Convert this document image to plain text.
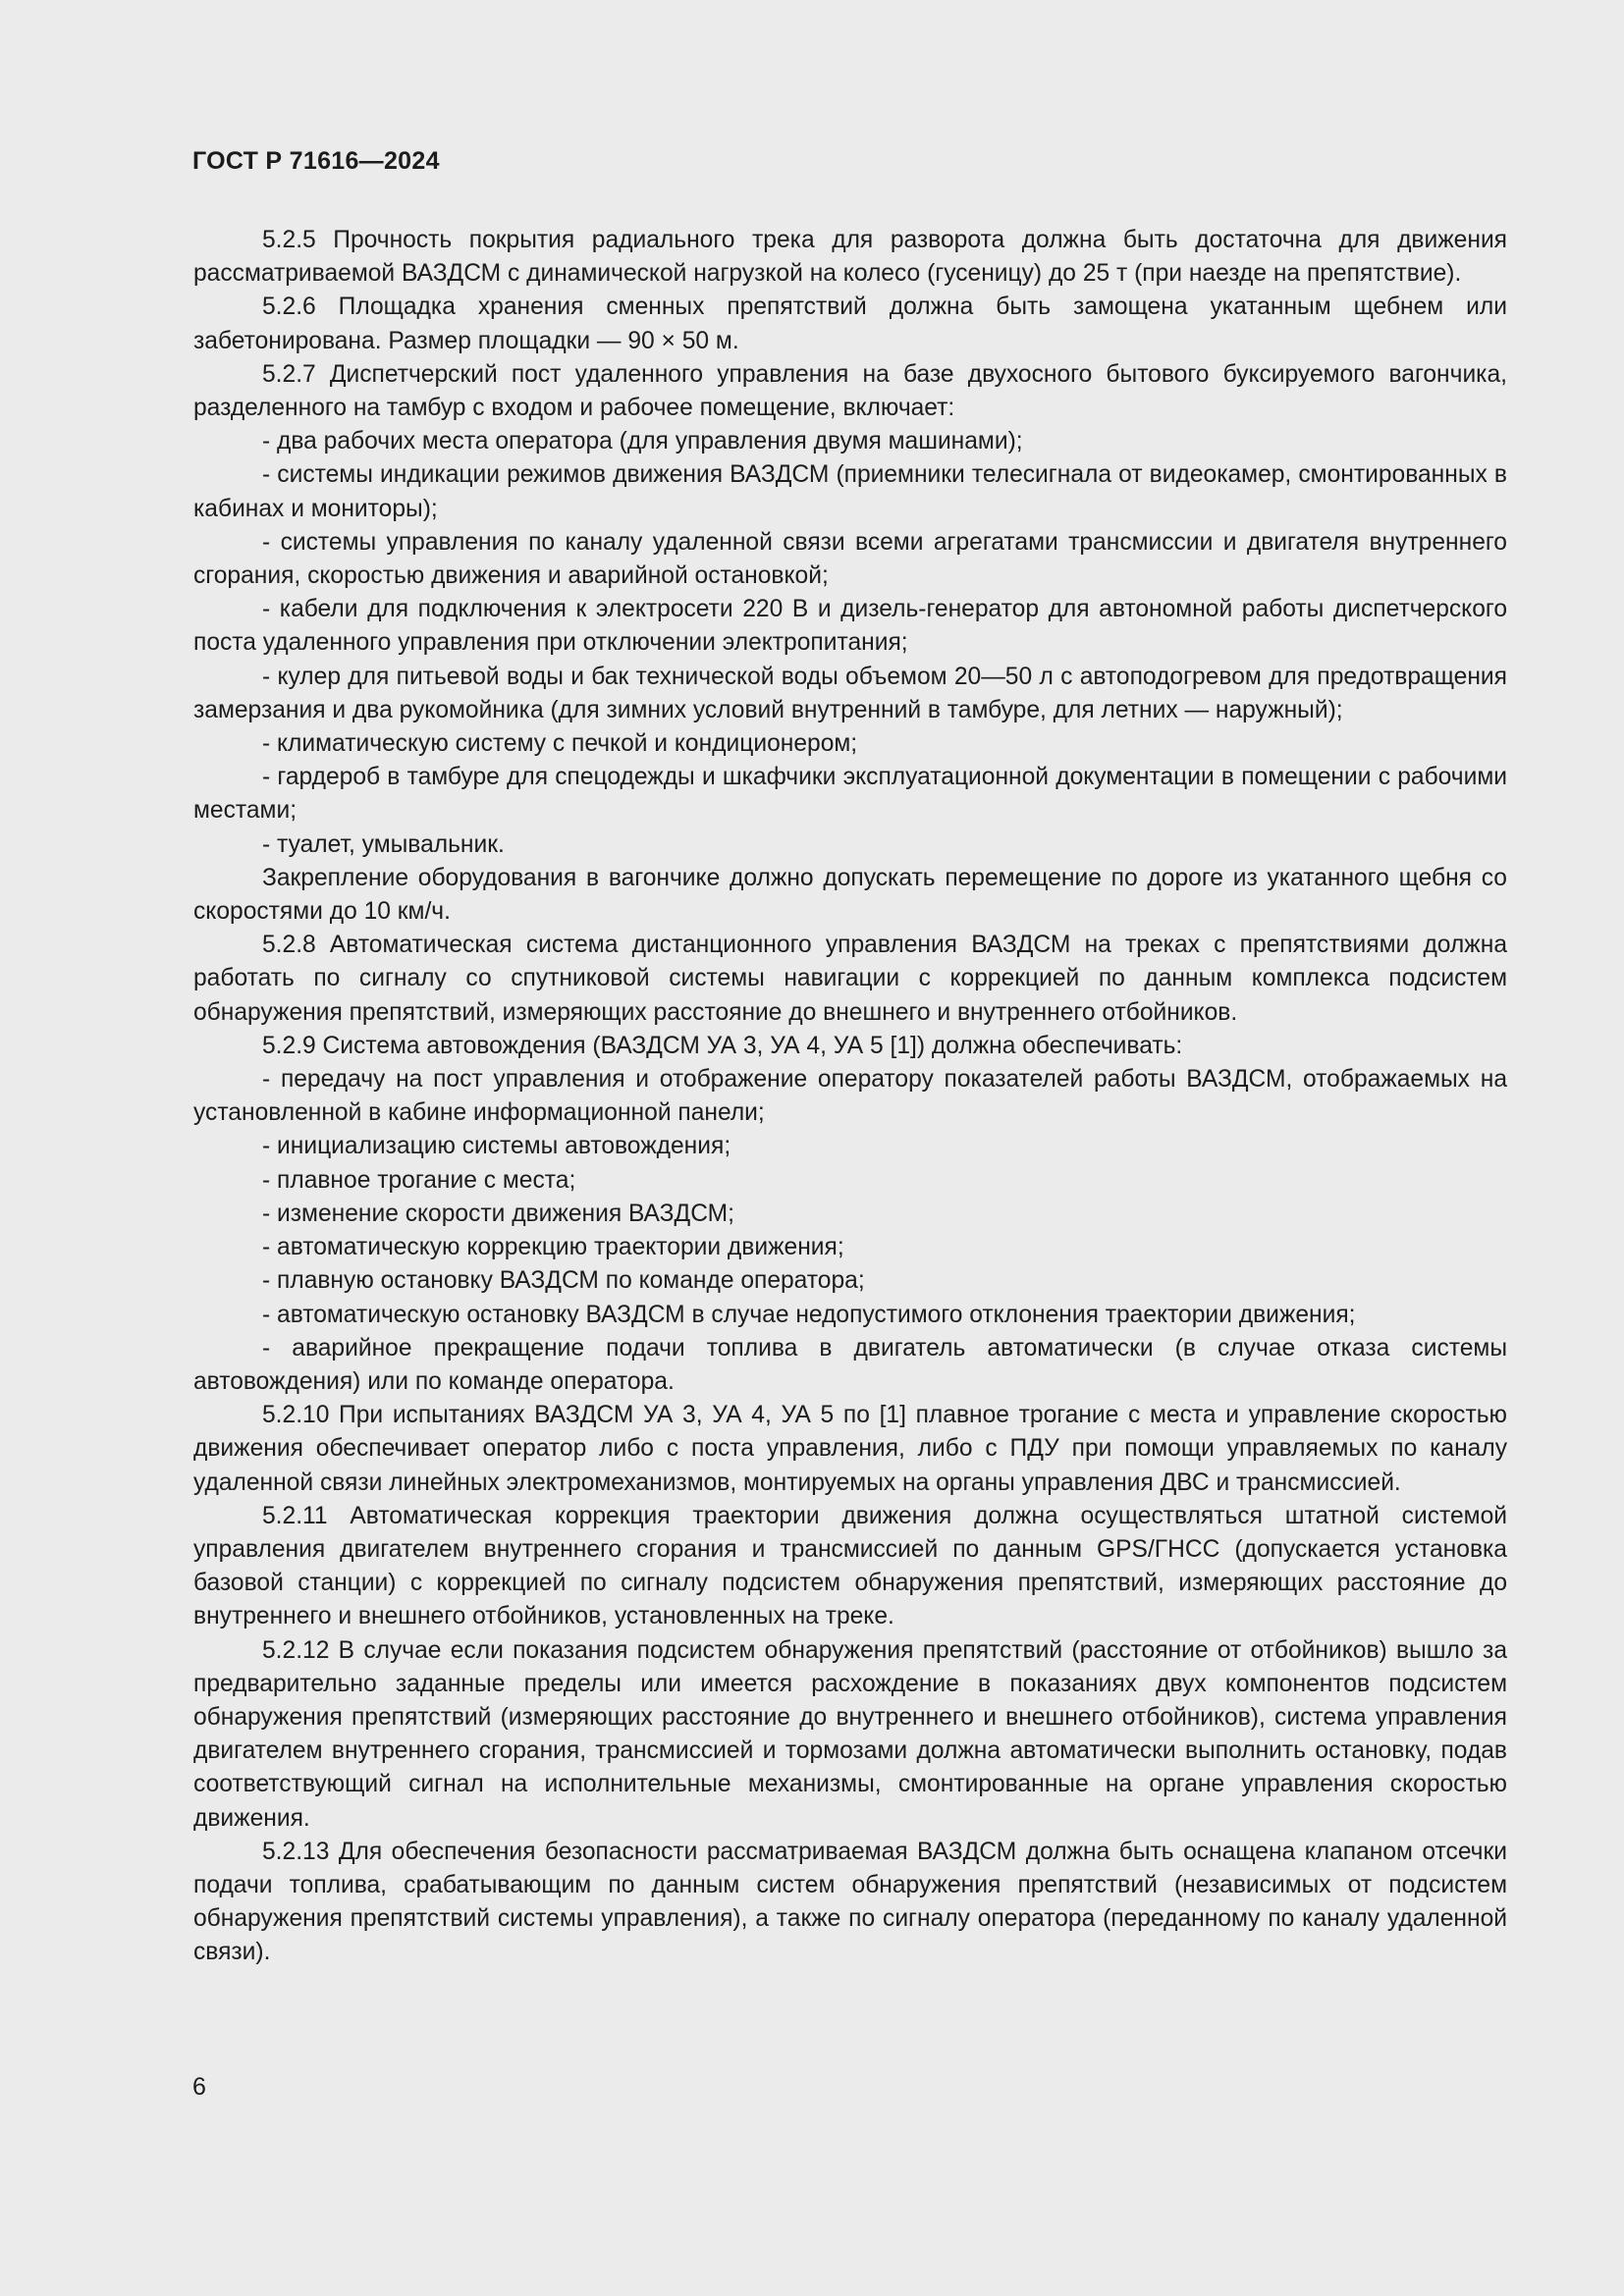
ГОСТ Р 71616—2024

5.2.5 Прочность покрытия радиального трека для разворота должна быть достаточна для движения рассматриваемой ВАЗДСМ с динамической нагрузкой на колесо (гусеницу) до 25 т (при наезде на препятствие).

5.2.6 Площадка хранения сменных препятствий должна быть замощена укатанным щебнем или забетонирована. Размер площадки — 90 × 50 м.

5.2.7 Диспетчерский пост удаленного управления на базе двухосного бытового буксируемого вагончика, разделенного на тамбур с входом и рабочее помещение, включает:

- два рабочих места оператора (для управления двумя машинами);

- системы индикации режимов движения ВАЗДСМ (приемники телесигнала от видеокамер, смонтированных в кабинах и мониторы);

- системы управления по каналу удаленной связи всеми агрегатами трансмиссии и двигателя внутреннего сгорания, скоростью движения и аварийной остановкой;

- кабели для подключения к электросети 220 В и дизель-генератор для автономной работы диспетчерского поста удаленного управления при отключении электропитания;

- кулер для питьевой воды и бак технической воды объемом 20—50 л с автоподогревом для предотвращения замерзания и два рукомойника (для зимних условий внутренний в тамбуре, для летних — наружный);

- климатическую систему с печкой и кондиционером;

- гардероб в тамбуре для спецодежды и шкафчики эксплуатационной документации в помещении с рабочими местами;

- туалет, умывальник.

Закрепление оборудования в вагончике должно допускать перемещение по дороге из укатанного щебня со скоростями до 10 км/ч.

5.2.8 Автоматическая система дистанционного управления ВАЗДСМ на треках с препятствиями должна работать по сигналу со спутниковой системы навигации с коррекцией по данным комплекса подсистем обнаружения препятствий, измеряющих расстояние до внешнего и внутреннего отбойников.

5.2.9 Система автовождения (ВАЗДСМ УА 3, УА 4, УА 5 [1]) должна обеспечивать:

- передачу на пост управления и отображение оператору показателей работы ВАЗДСМ, отображаемых на установленной в кабине информационной панели;

- инициализацию системы автовождения;

- плавное трогание с места;

- изменение скорости движения ВАЗДСМ;

- автоматическую коррекцию траектории движения;

- плавную остановку ВАЗДСМ по команде оператора;

- автоматическую остановку ВАЗДСМ в случае недопустимого отклонения траектории движения;

- аварийное прекращение подачи топлива в двигатель автоматически (в случае отказа системы автовождения) или по команде оператора.

5.2.10 При испытаниях ВАЗДСМ УА 3, УА 4, УА 5 по [1] плавное трогание с места и управление скоростью движения обеспечивает оператор либо с поста управления, либо с ПДУ при помощи управляемых по каналу удаленной связи линейных электромеханизмов, монтируемых на органы управления ДВС и трансмиссией.

5.2.11 Автоматическая коррекция траектории движения должна осуществляться штатной системой управления двигателем внутреннего сгорания и трансмиссией по данным GPS/ГНСС (допускается установка базовой станции) с коррекцией по сигналу подсистем обнаружения препятствий, измеряющих расстояние до внутреннего и внешнего отбойников, установленных на треке.

5.2.12 В случае если показания подсистем обнаружения препятствий (расстояние от отбойников) вышло за предварительно заданные пределы или имеется расхождение в показаниях двух компонентов подсистем обнаружения препятствий (измеряющих расстояние до внутреннего и внешнего отбойников), система управления двигателем внутреннего сгорания, трансмиссией и тормозами должна автоматически выполнить остановку, подав соответствующий сигнал на исполнительные механизмы, смонтированные на органе управления скоростью движения.

5.2.13 Для обеспечения безопасности рассматриваемая ВАЗДСМ должна быть оснащена клапаном отсечки подачи топлива, срабатывающим по данным систем обнаружения препятствий (независимых от подсистем обнаружения препятствий системы управления), а также по сигналу оператора (переданному по каналу удаленной связи).

6
